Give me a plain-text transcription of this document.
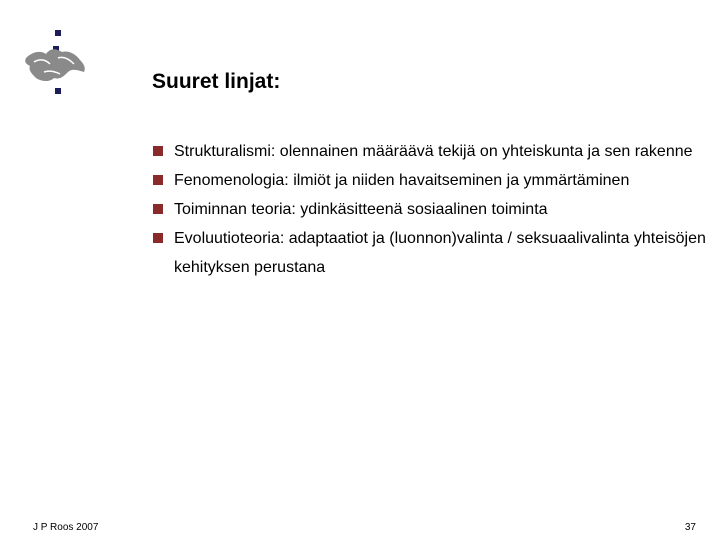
Suuret linjat:
Strukturalismi: olennainen määräävä tekijä on yhteiskunta ja sen rakenne
Fenomenologia: ilmiöt ja niiden havaitseminen ja ymmärtäminen
Toiminnan teoria: ydinkäsitteenä sosiaalinen toiminta
Evoluutioteoria: adaptaatiot ja (luonnon)valinta / seksuaalivalinta yhteisöjen kehityksen perustana
J P Roos 2007	37
